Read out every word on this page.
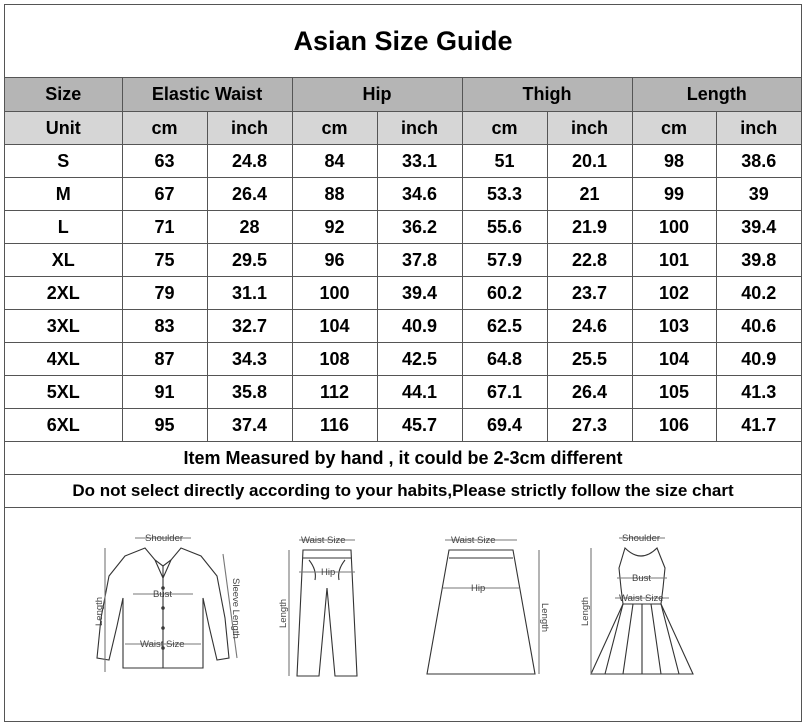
Asian Size Guide
Size	Elastic Waist		Hip		Thigh		Length	
Unit	cm	inch	cm	inch	cm	inch	cm	inch
S	63	24.8	84	33.1	51	20.1	98	38.6
M	67	26.4	88	34.6	53.3	21	99	39
L	71	28	92	36.2	55.6	21.9	100	39.4
XL	75	29.5	96	37.8	57.9	22.8	101	39.8
2XL	79	31.1	100	39.4	60.2	23.7	102	40.2
3XL	83	32.7	104	40.9	62.5	24.6	103	40.6
4XL	87	34.3	108	42.5	64.8	25.5	104	40.9
5XL	91	35.8	112	44.1	67.1	26.4	105	41.3
6XL	95	37.4	116	45.7	69.4	27.3	106	41.7
Item Measured by hand , it could be 2-3cm different
Do not select directly according to your habits,Please strictly follow the size chart
Shoulder
Bust
Waist Size
Length	Sleeve Length
Waist Size
Hip
Length
Waist Size
Hip
Length
Shoulder
Bust
Waist Size
Length
